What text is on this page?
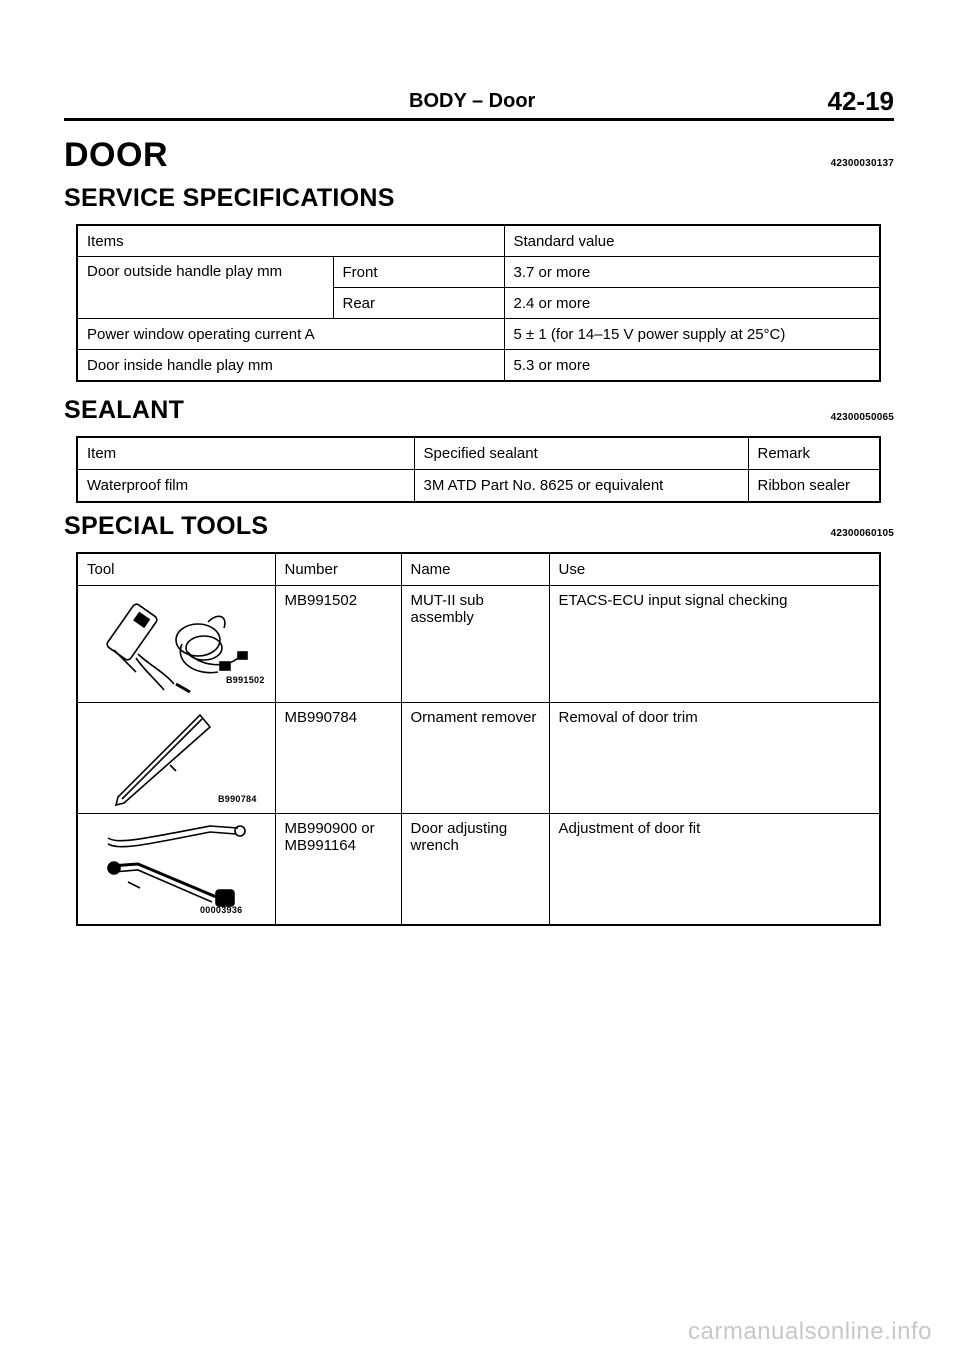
BODY – Door	42-19
DOOR	42300030137
SERVICE SPECIFICATIONS
Items		Standard value
Door outside handle play mm	Front	3.7 or more
	Rear	2.4 or more
Power window operating current A		5 ± 1 (for 14–15 V power supply at 25°C)
Door inside handle play mm		5.3 or more
SEALANT	42300050065
Item	Specified sealant	Remark
Waterproof film	3M ATD Part No. 8625 or equivalent	Ribbon sealer
SPECIAL TOOLS	42300060105
Tool	Number	Name	Use

B991502	MB991502	MUT-II sub assembly	ETACS-ECU input signal checking

B990784	MB990784	Ornament remover	Removal of door trim

00003936	MB990900 or MB991164	Door adjusting wrench	Adjustment of door fit
carmanualsonline.info
